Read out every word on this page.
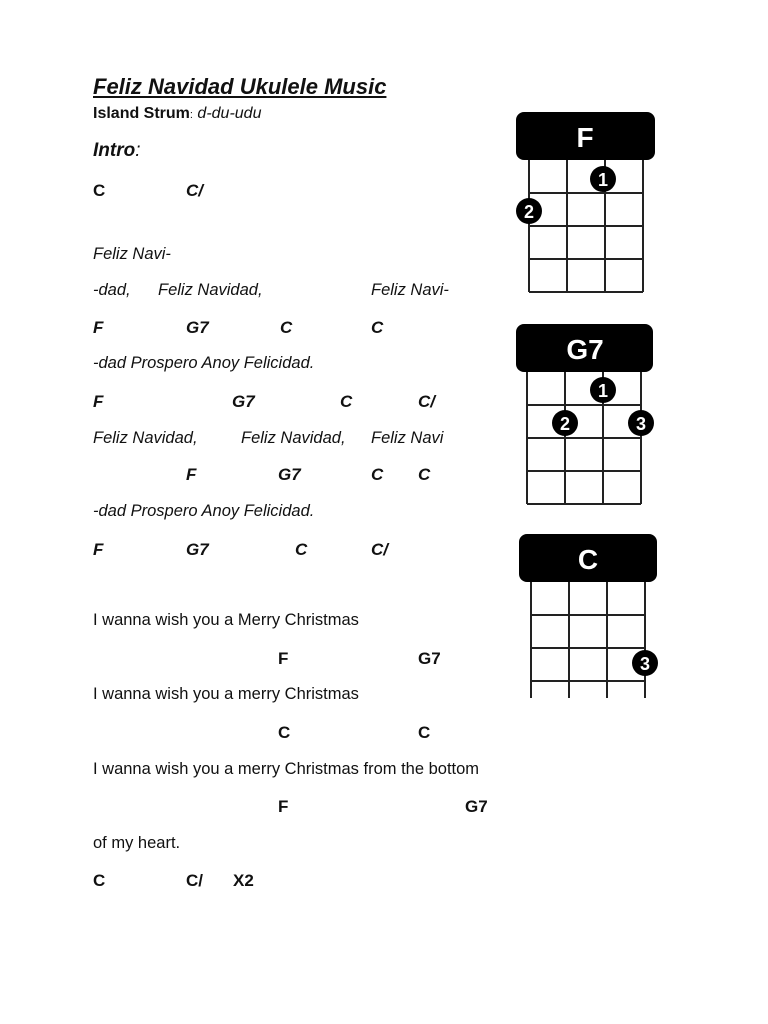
Feliz Navidad Ukulele Music
Island Strum: d-du-udu
Intro:
C	C/
Feliz Navi-
-dad, Feliz Navidad,	Feliz Navi-
F	G7	C	C
-dad Prospero Anoy Felicidad.
F	G7	C	C/
Feliz Navidad,	Feliz Navidad, Feliz Navi
F	G7	C C
-dad Prospero Anoy Felicidad.
F	G7	C	C/
I wanna wish you a Merry Christmas
F	G7
I wanna wish you a merry Christmas
C	C
I wanna wish you a merry Christmas from the bottom
F	G7
of my heart.
C	C/ X2
F
1
2
G7
1
2	3
C
3
